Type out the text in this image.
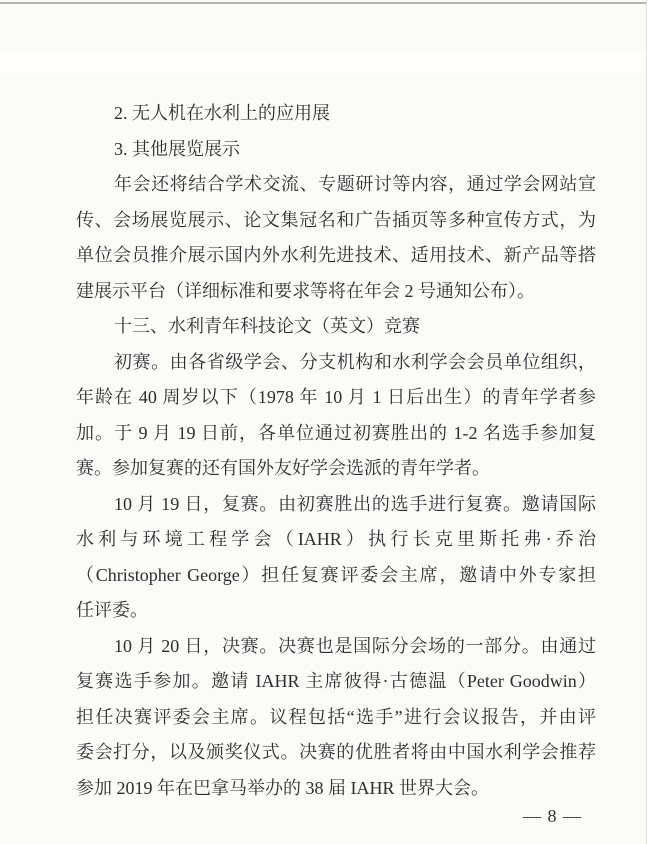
2. 无人机在水利上的应用展
3. 其他展览展示
年会还将结合学术交流、专题研讨等内容，通过学会网站宣
传、会场展览展示、论文集冠名和广告插页等多种宣传方式，为
单位会员推介展示国内外水利先进技术、适用技术、新产品等搭
建展示平台（详细标准和要求等将在年会 2 号通知公布）。
十三、水利青年科技论文（英文）竞赛
初赛。由各省级学会、分支机构和水利学会会员单位组织，
年龄在 40 周岁以下（1978 年 10 月 1 日后出生）的青年学者参
加。于 9 月 19 日前，各单位通过初赛胜出的 1-2 名选手参加复
赛。参加复赛的还有国外友好学会选派的青年学者。
10 月 19 日，复赛。由初赛胜出的选手进行复赛。邀请国际
水利与环境工程学会（IAHR）执行长克里斯托弗·乔治
（Christopher George）担任复赛评委会主席，邀请中外专家担
任评委。
10 月 20 日，决赛。决赛也是国际分会场的一部分。由通过
复赛选手参加。邀请 IAHR 主席彼得·古德温（Peter Goodwin）
担任决赛评委会主席。议程包括“选手”进行会议报告，并由评
委会打分，以及颁奖仪式。决赛的优胜者将由中国水利学会推荐
参加 2019 年在巴拿马举办的 38 届 IAHR 世界大会。
— 8 —
